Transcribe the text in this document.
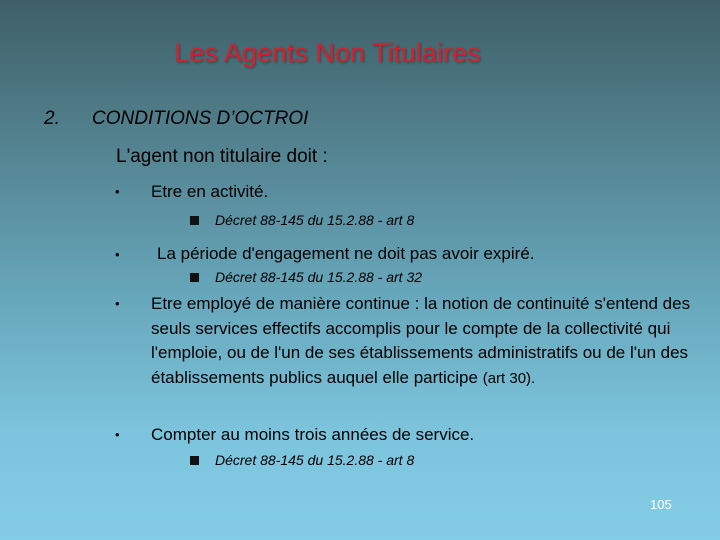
Les Agents Non Titulaires
2. CONDITIONS D’OCTROI
L'agent non titulaire doit :
• Etre en activité.
Décret 88-145 du 15.2.88 - art 8
• La période d'engagement ne doit pas avoir expiré.
Décret 88-145 du 15.2.88 - art 32
• Etre employé de manière continue : la notion de continuité s'entend des seuls services effectifs accomplis pour le compte de la collectivité qui l'emploie, ou de l'un de ses établissements administratifs ou de l'un des établissements publics auquel elle participe (art 30).
• Compter au moins trois années de service.
Décret 88-145 du 15.2.88 - art 8
105
